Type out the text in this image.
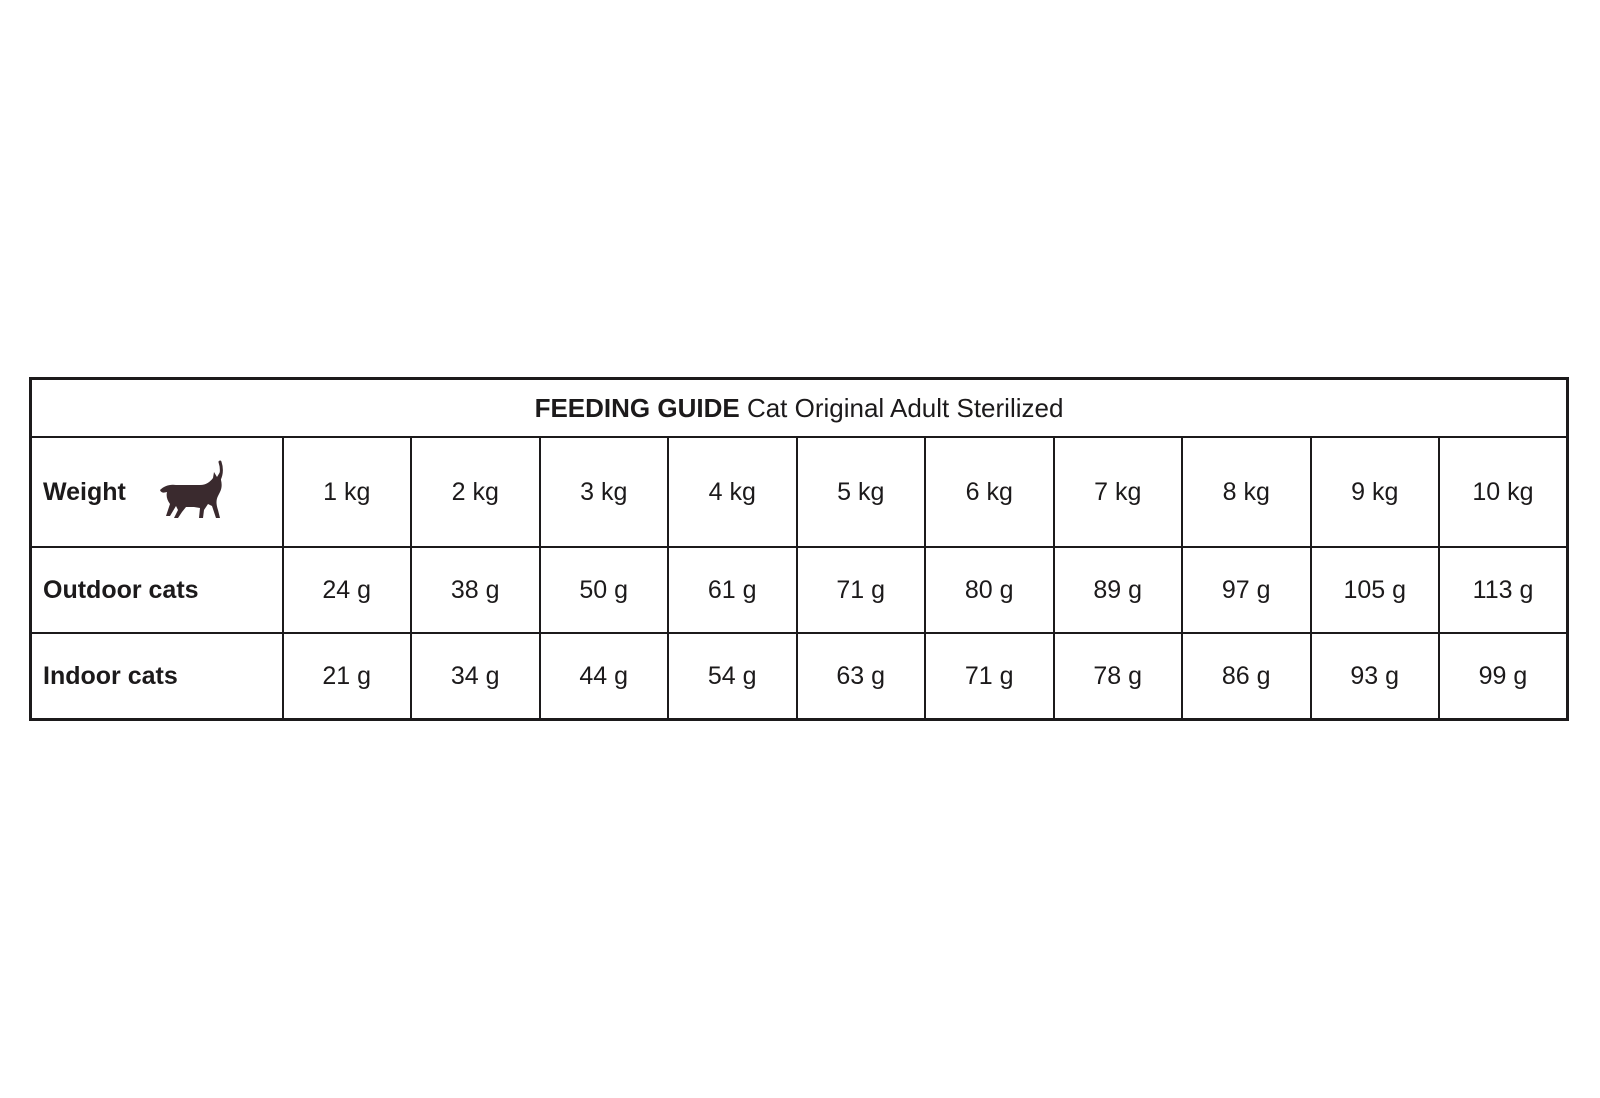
FEEDING GUIDE Cat Original Adult Sterilized										
Weight	1 kg	2 kg	3 kg	4 kg	5 kg	6 kg	7 kg	8 kg	9 kg	10 kg
Outdoor cats	24 g	38 g	50 g	61 g	71 g	80 g	89 g	97 g	105 g	113 g
Indoor cats	21 g	34 g	44 g	54 g	63 g	71 g	78 g	86 g	93 g	99 g
